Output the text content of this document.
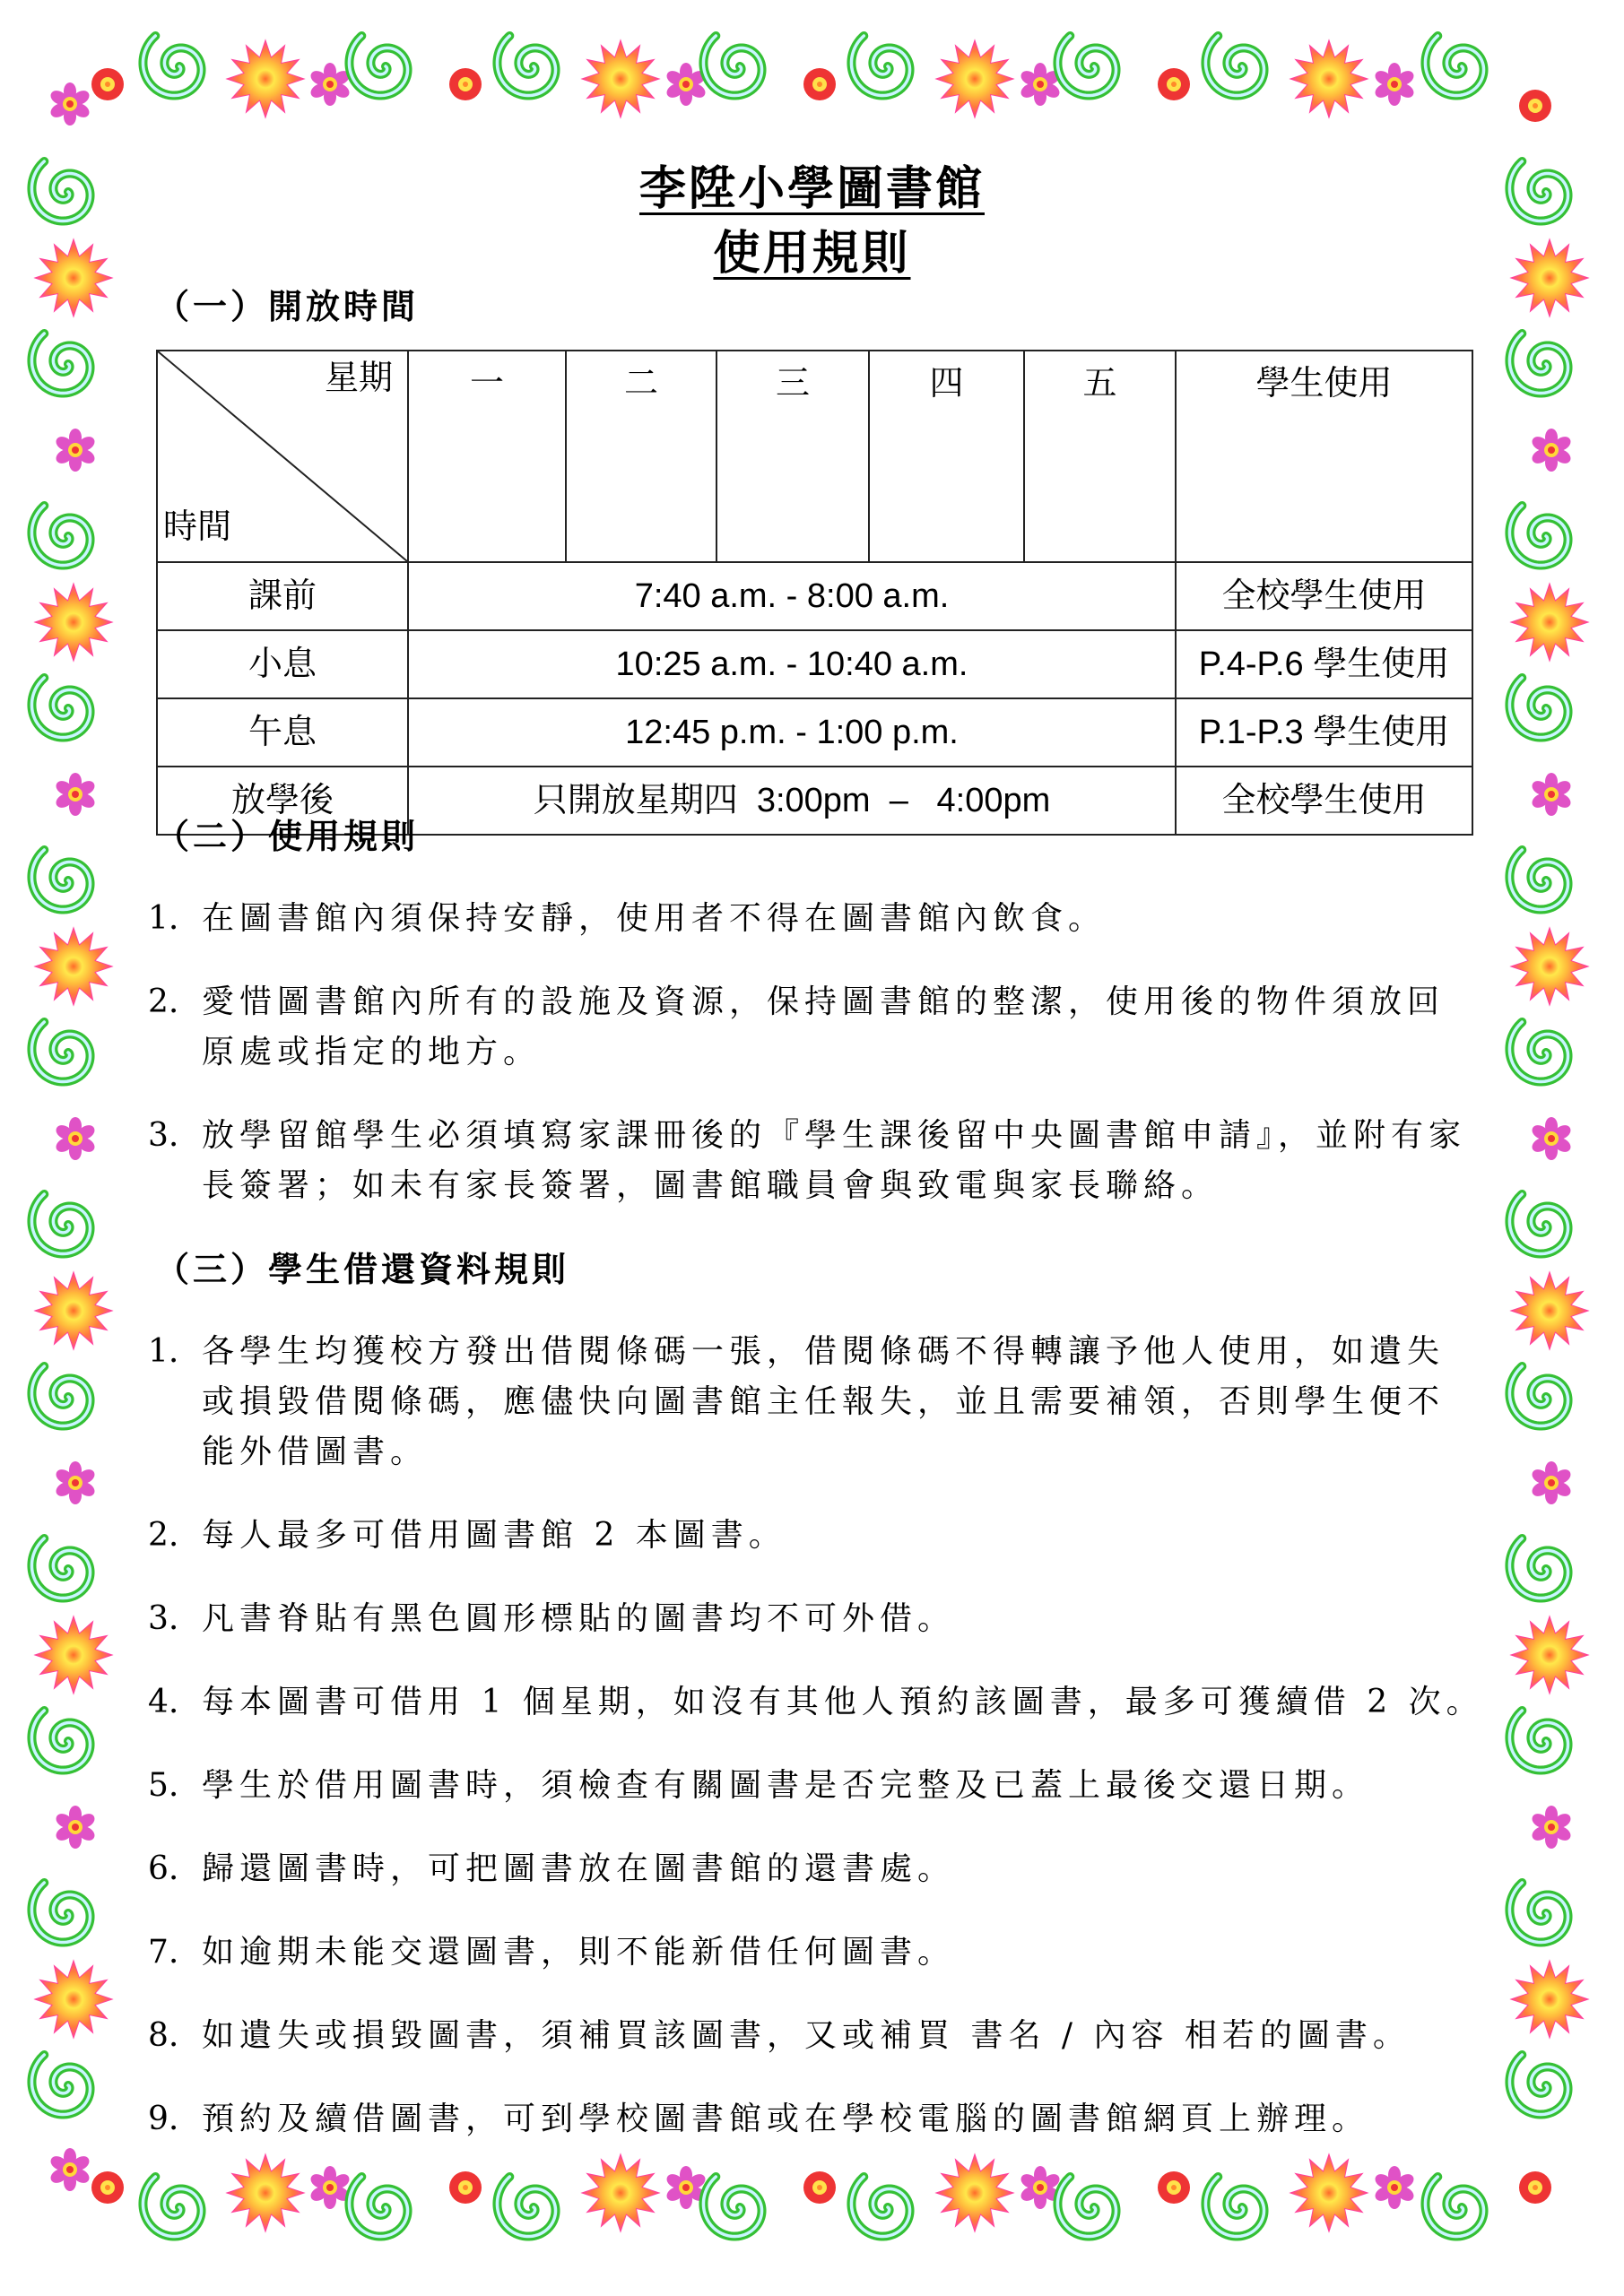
李陞小學圖書館
使用規則
（一）開放時間

星期

時間	一	二	三	四	五	學生使用
課前	7:40 a.m. - 8:00 a.m.					全校學生使用
小息	10:25 a.m. - 10:40 a.m.					P.4-P.6 學生使用
午息	12:45 p.m. - 1:00 p.m.					P.1-P.3 學生使用
放學後	只開放星期四  3:00pm  –   4:00pm					全校學生使用
（二）使用規則
1. 在圖書館內須保持安靜，使用者不得在圖書館內飲食。
2. 愛惜圖書館內所有的設施及資源，保持圖書館的整潔，使用後的物件須放回
原處或指定的地方。
3. 放學留館學生必須填寫家課冊後的『學生課後留中央圖書館申請』，並附有家
長簽署；如未有家長簽署，圖書館職員會與致電與家長聯絡。
（三）學生借還資料規則
1. 各學生均獲校方發出借閱條碼一張，借閱條碼不得轉讓予他人使用，如遺失
或損毀借閱條碼，應儘快向圖書館主任報失，並且需要補領，否則學生便不
能外借圖書。
2. 每人最多可借用圖書館 2 本圖書。
3. 凡書脊貼有黑色圓形標貼的圖書均不可外借。
4. 每本圖書可借用 1 個星期，如沒有其他人預約該圖書，最多可獲續借 2 次。
5. 學生於借用圖書時，須檢查有關圖書是否完整及已蓋上最後交還日期。
6. 歸還圖書時，可把圖書放在圖書館的還書處。
7. 如逾期未能交還圖書，則不能新借任何圖書。
8. 如遺失或損毀圖書，須補買該圖書，又或補買 書名 / 內容 相若的圖書。
9. 預約及續借圖書，可到學校圖書館或在學校電腦的圖書館網頁上辦理。
